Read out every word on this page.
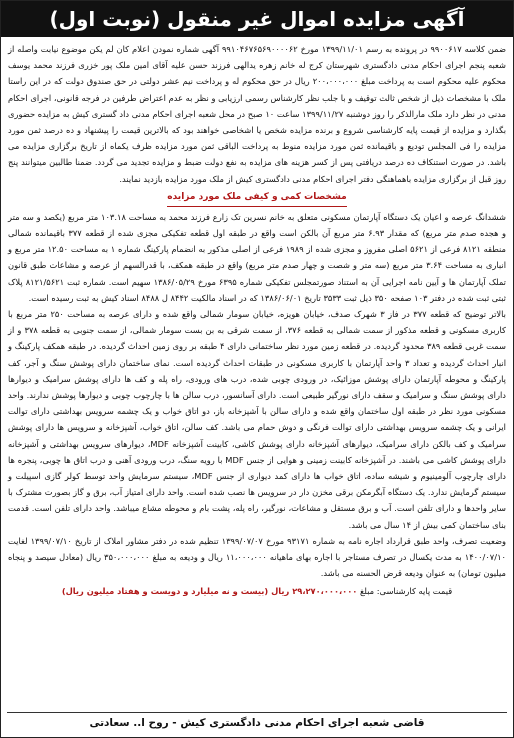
آگهی مزایده اموال غیر منقول (نوبت اول)

ضمن کلاسه ۹۹۰۰۶۱۷ در پرونده به رسم ۱۳۹۹/۱۱/۰۱ مورخ ۹۹۱۰۴۶۷۶۵۶۹۰۰۰۰۶۲ آگهی شماره نمودن اعلام کان لم یکن موضوع نیابت واصله از شعبه پنجم اجرای احکام مدنی دادگستری شهرستان کرج له خانم زهره یدالهی فرزند حسن علیه آقای امین ملک پور خزری فرزند محمد یوسف محکوم علیه محکوم است به پرداخت مبلغ ۲۰۰،۰۰۰،۰۰۰ ریال در حق محکوم له و پرداخت نیم عشر دولتی در حق صندوق دولت که در این راستا ملک با مشخصات ذیل از شخص ثالث توقیف و با جلب نظر کارشناس رسمی ارزیابی و نظر به عدم اعتراض طرفین در فرجه قانونی، اجرای احکام مدنی در نظر دارد ملک مارالذکر را روز دوشنبه ۱۳۹۹/۱۱/۲۷ ساعت ۱۰ صبح در محل شعبه اجرای احکام مدنی داد گستری کیش به مزایده حضوری بگذارد و مزایده از قیمت پایه کارشناسی شروع و برنده مزایده شخص یا اشخاصی خواهند بود که بالاترین قیمت را پیشنهاد و ده درصد ثمن مورد مزایده را فی المجلس تودیع و باقیمانده ثمن مورد مزایده منوط به پرداخت الباقی ثمن مورد مزایده ظرف یکماه از تاریخ برگزاری مزایده می باشد. در صورت استنکاف ده درصد دریافتی پس از کسر هزینه های مزایده به نفع دولت ضبط و مزایده تجدید می گردد. ضمنا طالبین میتوانند پنج روز قبل از برگزاری مزایده باهماهنگی دفتر اجرای احکام مدنی دادگستری کیش از ملک مورد مزایده بازدید نمایند.

مشخصات کمی و کیفی ملک مورد مزایده

ششدانگ عرصه و اعیان یک دستگاه آپارتمان مسکونی متعلق به خانم نسرین تک زارع فرزند محمد به مساحت ۱۰۳.۱۸ متر مربع (یکصد و سه متر و هجده صدم متر مربع) که مقدار ۶.۹۳ متر مربع آن بالکن است واقع در طبقه اول قطعه تفکیکی مجزی شده از قطعه ۳۷۷ باقیمانده شمالی منطقه ۸۱۲۱ فرعی از ۵۶۲۱ اصلی مفروز و مجزی شده از ۱۹۸۹ فرعی از اصلی مذکور به انضمام پارکینگ شماره ۱ به مساحت ۱۲.۵۰ متر مربع و انباری به مساحت ۳.۶۴ متر مربع (سه متر و شصت و چهار صدم متر مربع) واقع در طبقه همکف، با قدرالسهم از عرصه و مشاعات طبق قانون تملک آپارتمان ها و آیین نامه اجرایی آن به استناد صورتمجلس تفکیکی شماره ۶۳۹۵ مورخ ۱۳۸۶/۰۵/۲۹ سهیم است. شماره ثبت ۸۱۲۱/۵۶۲۱ پلاک ثبتی ثبت شده در دفتر ۱۰۳ صفحه ۳۵۰ ذیل ثبت ۳۵۳۳ تاریخ ۱۳۸۶/۰۶/۰۱ که در اسناد مالکیت ۸۴۴۲ ل ۸۴۸۸ اسناد کیش به ثبت رسیده است.

بالاتر توضیح که قطعه ۳۷۷ در فاز ۳ شهرک صدف، خیابان هویزه، خیابان سومار شمالی واقع شده و دارای عرصه به مساحت ۲۵۰ متر مربع با کاربری مسکونی و قطعه مذکور از سمت شمالی به قطعه ۳۷۶، از سمت شرقی به بن بست سومار شمالی، از سمت جنوبی به قطعه ۳۷۸ و از سمت غربی قطعه ۳۸۹ محدود گردیده. در قطعه زمین مورد نظر ساختمانی دارای ۴ طبقه بر روی زمین احداث گردیده. در طبقه همکف پارکینگ و انبار احداث گردیده و تعداد ۳ واحد آپارتمان با کاربری مسکونی در طبقات احداث گردیده است. نمای ساختمان دارای پوشش سنگ و آجر، کف پارکینگ و محوطه آپارتمان دارای پوشش موزائیک، در ورودی چوبی شده، درب های ورودی، راه پله و کف ها دارای پوشش سرامیک و دیوارها دارای پوشش سنگ و سرامیک و سقف دارای نورگیر طبیعی است. دارای آسانسور، درب سالن ها با چارچوب چوبی و دیوارها پوشش ندارند. واحد مسکونی مورد نظر در طبقه اول ساختمان واقع شده و دارای سالن با آشپزخانه باز، دو اتاق خواب و یک چشمه سرویس بهداشتی دارای توالت ایرانی و یک چشمه سرویس بهداشتی دارای توالت فرنگی و دوش حمام می باشد. کف سالن، اتاق خواب، آشپزخانه و سرویس ها دارای پوشش سرامیک و کف بالکن دارای سرامیک، دیوارهای آشپزخانه دارای پوشش کاشی، کابینت آشپزخانه MDF، دیوارهای سرویس بهداشتی و آشپزخانه دارای پوشش کاشی می باشند. در آشپزخانه کابینت زمینی و هوایی از جنس MDF با رویه سنگ، درب ورودی آهنی و درب اتاق ها چوبی، پنجره ها دارای چارچوب آلومینیوم و شیشه ساده، اتاق خواب ها دارای کمد دیواری از جنس MDF، سیستم سرمایش واحد توسط کولر گازی اسپیلت و سیستم گرمایش ندارد. یک دستگاه آبگرمکن برقی مخزن دار در سرویس ها نصب شده است. واحد دارای امتیاز آب، برق و گاز بصورت مشترک با سایر واحدها و دارای تلفن است. آب و برق مستقل و مشاعات، نورگیر، راه پله، پشت بام و محوطه مشاع میباشد. واحد دارای تلفن است. قدمت بنای ساختمان کمی بیش از ۱۴ سال می باشد.

وضعیت تصرف، واحد طبق قرارداد اجاره نامه به شماره ۹۳۱۷۱ مورخ ۱۳۹۹/۰۷/۰۷ تنظیم شده در دفتر مشاور املاک از تاریخ ۱۳۹۹/۰۷/۱۰ لغایت ۱۴۰۰/۰۷/۱۰ به مدت یکسال در تصرف مستاجر با اجاره بهای ماهیانه ۱۱،۰۰۰،۰۰۰ ریال و ودیعه به مبلغ ۳۵۰،۰۰۰،۰۰۰ ریال (معادل سیصد و پنجاه میلیون تومان) به عنوان ودیعه قرض الحسنه می باشد.

قیمت پایه کارشناسی: مبلغ ۲۹،۲۷۰،۰۰۰،۰۰۰ ریال (بیست و نه میلیارد و دویست و هفتاد میلیون ریال)
قاضی شعبه اجرای احکام مدنی دادگستری کیش - روح ا.. سعادتی
